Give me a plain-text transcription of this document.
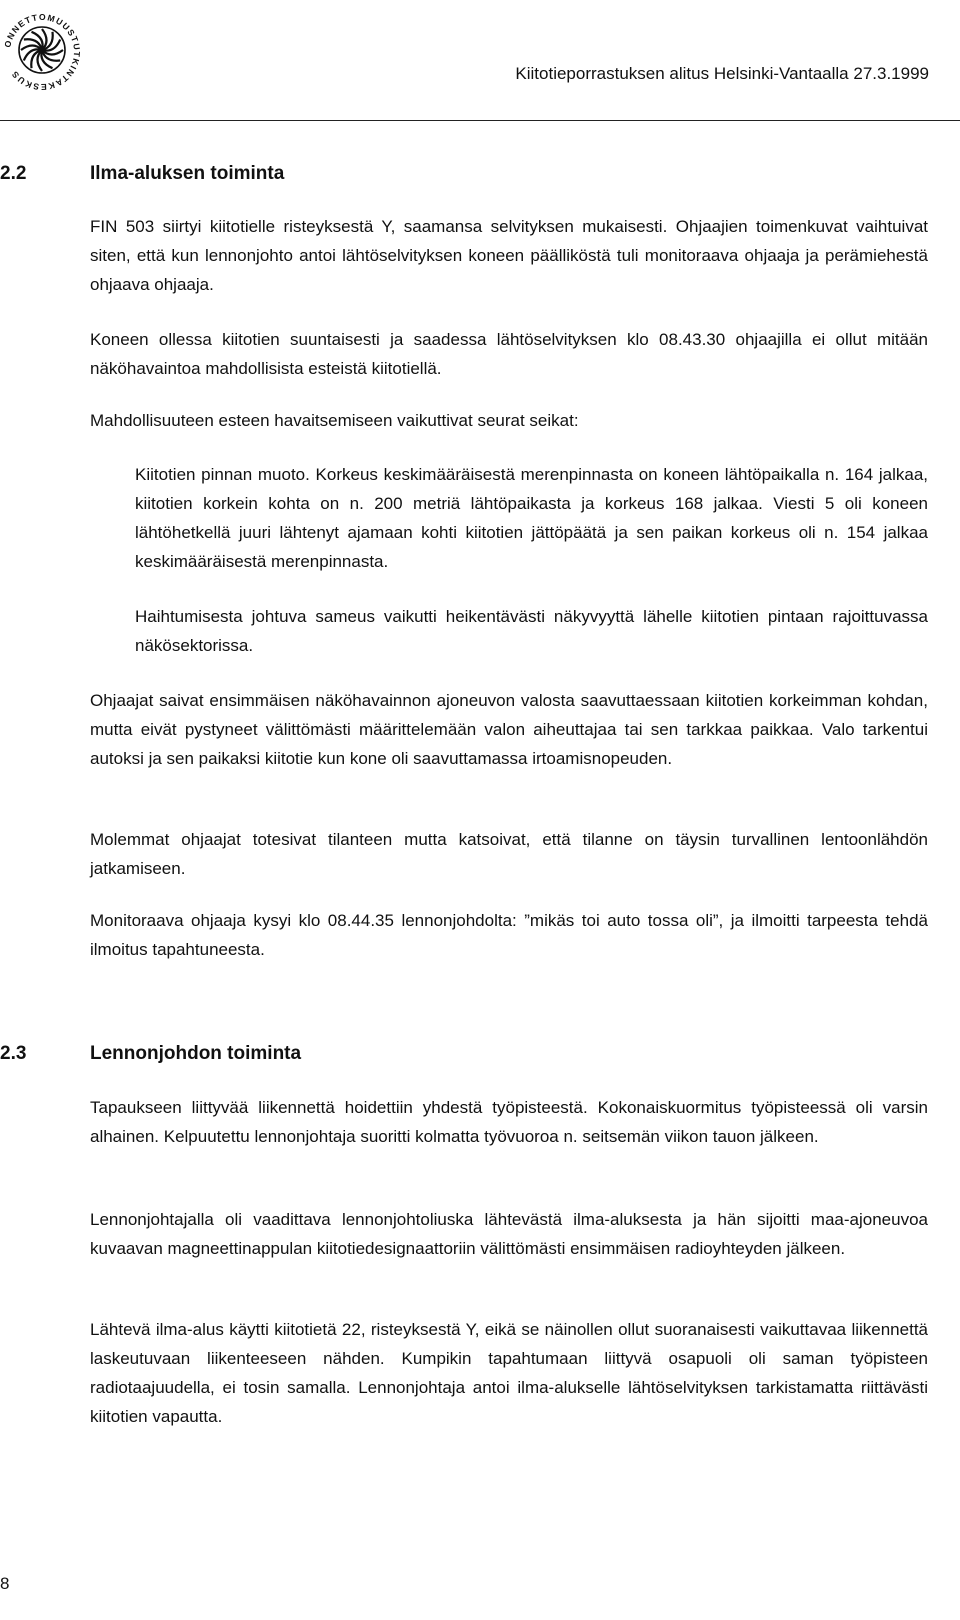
ONNETTOMUUSTUTKINTAKESKUS	Kiitotieporrastuksen alitus Helsinki-Vantaalla 27.3.1999
2.2	Ilma-aluksen toiminta

FIN 503 siirtyi kiitotielle risteyksestä Y, saamansa selvityksen mukaisesti. Ohjaajien toimenkuvat vaihtuivat siten, että kun lennonjohto antoi lähtöselvityksen koneen päälliköstä tuli monitoraava ohjaaja ja perämiehestä ohjaava ohjaaja.

Koneen ollessa kiitotien suuntaisesti ja saadessa lähtöselvityksen klo 08.43.30 ohjaajilla ei ollut mitään näköhavaintoa mahdollisista esteistä kiitotiellä.

Mahdollisuuteen esteen havaitsemiseen vaikuttivat seurat seikat:

Kiitotien pinnan muoto. Korkeus keskimääräisestä merenpinnasta on koneen lähtöpaikalla n. 164 jalkaa, kiitotien korkein kohta on n. 200 metriä lähtöpaikasta ja korkeus 168 jalkaa. Viesti 5 oli koneen lähtöhetkellä juuri lähtenyt ajamaan kohti kiitotien jättöpäätä ja sen paikan korkeus oli n. 154 jalkaa keskimääräisestä merenpinnasta.

Haihtumisesta johtuva sameus vaikutti heikentävästi näkyvyyttä lähelle kiitotien pintaan rajoittuvassa näkösektorissa.

Ohjaajat saivat ensimmäisen näköhavainnon ajoneuvon valosta saavuttaessaan kiitotien korkeimman kohdan, mutta eivät pystyneet välittömästi määrittelemään valon aiheuttajaa tai sen tarkkaa paikkaa. Valo tarkentui autoksi ja sen paikaksi kiitotie kun kone oli saavuttamassa irtoamisnopeuden.

Molemmat ohjaajat totesivat tilanteen mutta katsoivat, että tilanne on täysin turvallinen lentoonlähdön jatkamiseen.

Monitoraava ohjaaja kysyi klo 08.44.35 lennonjohdolta: ”mikäs toi auto tossa oli”, ja ilmoitti tarpeesta tehdä ilmoitus tapahtuneesta.

2.3	Lennonjohdon toiminta

Tapaukseen liittyvää liikennettä hoidettiin yhdestä työpisteestä. Kokonaiskuormitus työpisteessä oli varsin alhainen. Kelpuutettu lennonjohtaja suoritti kolmatta työvuoroa n. seitsemän viikon tauon jälkeen.

Lennonjohtajalla oli vaadittava lennonjohtoliuska lähtevästä ilma-aluksesta ja hän sijoitti maa-ajoneuvoa kuvaavan magneettinappulan kiitotiedesignaattoriin välittömästi ensimmäisen radioyhteyden jälkeen.

Lähtevä ilma-alus käytti kiitotietä 22, risteyksestä Y, eikä se näinollen ollut suoranaisesti vaikuttavaa liikennettä laskeutuvaan liikenteeseen nähden. Kumpikin tapahtumaan liittyvä osapuoli oli saman työpisteen radiotaajuudella, ei tosin samalla. Lennonjohtaja antoi ilma-alukselle lähtöselvityksen tarkistamatta riittävästi kiitotien vapautta.

8
